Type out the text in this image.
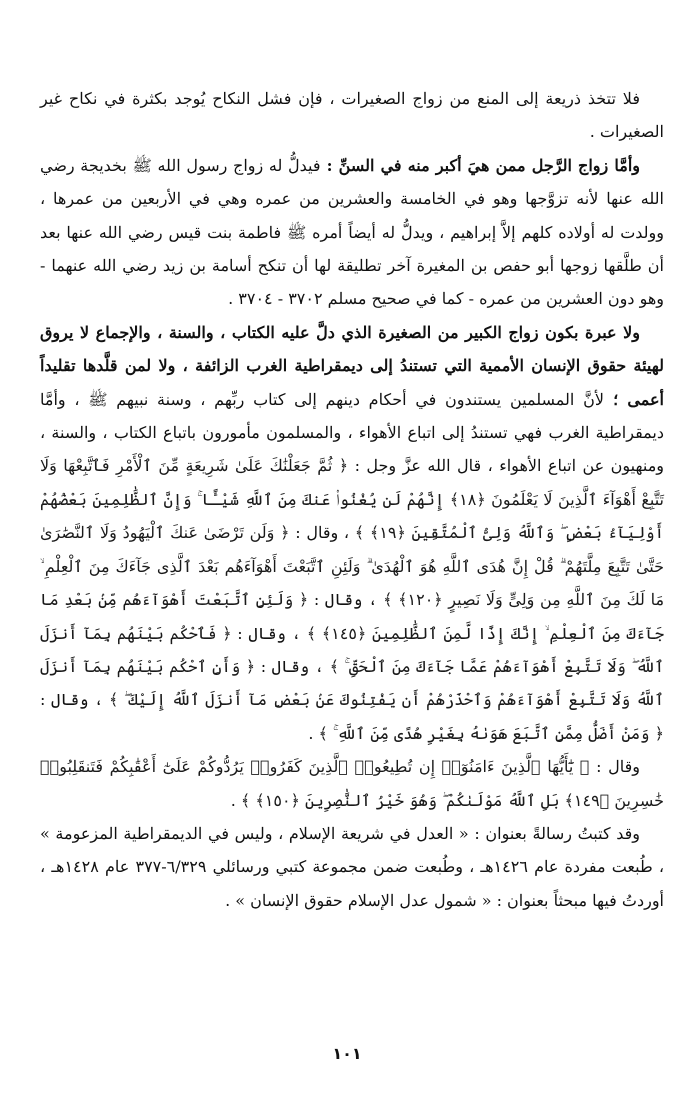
فلا تتخذ ذريعة إلى المنع من زواج الصغيرات ، فإن فشل النكاح يُوجد بكثرة في نكاح غير الصغيرات .

وأمَّا زواج الرَّجل ممن هيَ أكبر منه في السنِّ : فيدلُّ له زواج رسول الله ﷺ بخديجة رضي الله عنها لأنه تزوَّجها وهو في الخامسة والعشرين من عمره وهي في الأربعين من عمرها ، وولدت له أولاده كلهم إلاَّ إبراهيم ، ويدلُّ له أيضاً أمره ﷺ فاطمة بنت قيس رضي الله عنها بعد أن طلَّقها زوجها أبو حفص بن المغيرة آخر تطليقة لها أن تنكح أسامة بن زيد رضي الله عنهما - وهو دون العشرين من عمره - كما في صحيح مسلم ٣٧٠٢ - ٣٧٠٤ .

ولا عبرة بكون زواج الكبير من الصغيرة الذي دلَّ عليه الكتاب ، والسنة ، والإجماع لا يروق لهيئة حقوق الإنسان الأممية التي تستندُ إلى ديمقراطية الغرب الزائفة ، ولا لمن قلَّدها تقليداً أعمى ؛ لأنَّ المسلمين يستندون في أحكام دينهم إلى كتاب ربِّهم ، وسنة نبيهم ﷺ ، وأمَّا ديمقراطية الغرب فهي تستندُ إلى اتباع الأهواء ، والمسلمون مأمورون باتباع الكتاب ، والسنة ، ومنهيون عن اتباع الأهواء ، قال الله عزَّ وجل : ﴿ ثُمَّ جَعَلْنَٰكَ عَلَىٰ شَرِيعَةٍ مِّنَ ٱلْأَمْرِ فَٱتَّبِعْهَا وَلَا تَتَّبِعْ أَهْوَآءَ ٱلَّذِينَ لَا يَعْلَمُونَ ﴿١٨﴾ إِنَّهُمْ لَن يُغْنُوا۟ عَنكَ مِنَ ٱللَّهِ شَيْـًٔا ۚ وَإِنَّ ٱلظَّٰلِمِينَ بَعْضُهُمْ أَوْلِيَآءُ بَعْضٍ ۖ وَٱللَّهُ وَلِىُّ ٱلْمُتَّقِينَ ﴿١٩﴾ ﴾ ، وقال : ﴿ وَلَن تَرْضَىٰ عَنكَ ٱلْيَهُودُ وَلَا ٱلنَّصَٰرَىٰ حَتَّىٰ تَتَّبِعَ مِلَّتَهُمْ ۗ قُلْ إِنَّ هُدَى ٱللَّهِ هُوَ ٱلْهُدَىٰ ۗ وَلَئِنِ ٱتَّبَعْتَ أَهْوَآءَهُم بَعْدَ ٱلَّذِى جَآءَكَ مِنَ ٱلْعِلْمِ ۙ مَا لَكَ مِنَ ٱللَّهِ مِن وَلِىٍّ وَلَا نَصِيرٍ ﴿١٢٠﴾ ﴾ ، وقال : ﴿ وَلَئِنِ ٱتَّبَعْتَ أَهْوَآءَهُم مِّنۢ بَعْدِ مَا جَآءَكَ مِنَ ٱلْعِلْمِ ۙ إِنَّكَ إِذًا لَّمِنَ ٱلظَّٰلِمِينَ ﴿١٤٥﴾ ﴾ ، وقال : ﴿ فَٱحْكُم بَيْنَهُم بِمَآ أَنزَلَ ٱللَّهُ ۖ وَلَا تَتَّبِعْ أَهْوَآءَهُمْ عَمَّا جَآءَكَ مِنَ ٱلْحَقِّ ۚ ﴾ ، وقال : ﴿ وَأَنِ ٱحْكُم بَيْنَهُم بِمَآ أَنزَلَ ٱللَّهُ وَلَا تَتَّبِعْ أَهْوَآءَهُمْ وَٱحْذَرْهُمْ أَن يَفْتِنُوكَ عَنۢ بَعْضِ مَآ أَنزَلَ ٱللَّهُ إِلَيْكَ ۖ ﴾ ، وقال : ﴿ وَمَنْ أَضَلُّ مِمَّنِ ٱتَّبَعَ هَوَىٰهُ بِغَيْرِ هُدًى مِّنَ ٱللَّهِ ۚ ﴾ .

وقال : ﴿ يَٰٓأَيُّهَا ٱلَّذِينَ ءَامَنُوٓا۟ إِن تُطِيعُوا۟ ٱلَّذِينَ كَفَرُوا۟ يَرُدُّوكُمْ عَلَىٰٓ أَعْقَٰبِكُمْ فَتَنقَلِبُوا۟ خَٰسِرِينَ ﴿١٤٩﴾ بَلِ ٱللَّهُ مَوْلَىٰكُمْ ۖ وَهُوَ خَيْرُ ٱلنَّٰصِرِينَ ﴿١٥٠﴾ ﴾ .

وقد كتبتُ رسالةً بعنوان : « العدل في شريعة الإسلام ، وليس في الديمقراطية المزعومة » ، طُبعت مفردة عام ١٤٢٦هـ ، وطُبعت ضمن مجموعة كتبي ورسائلي ٦/٣٢٩-٣٧٧ عام ١٤٢٨هـ ، أوردتُ فيها مبحثاً بعنوان : « شمول عدل الإسلام حقوق الإنسان » .

١٠١
